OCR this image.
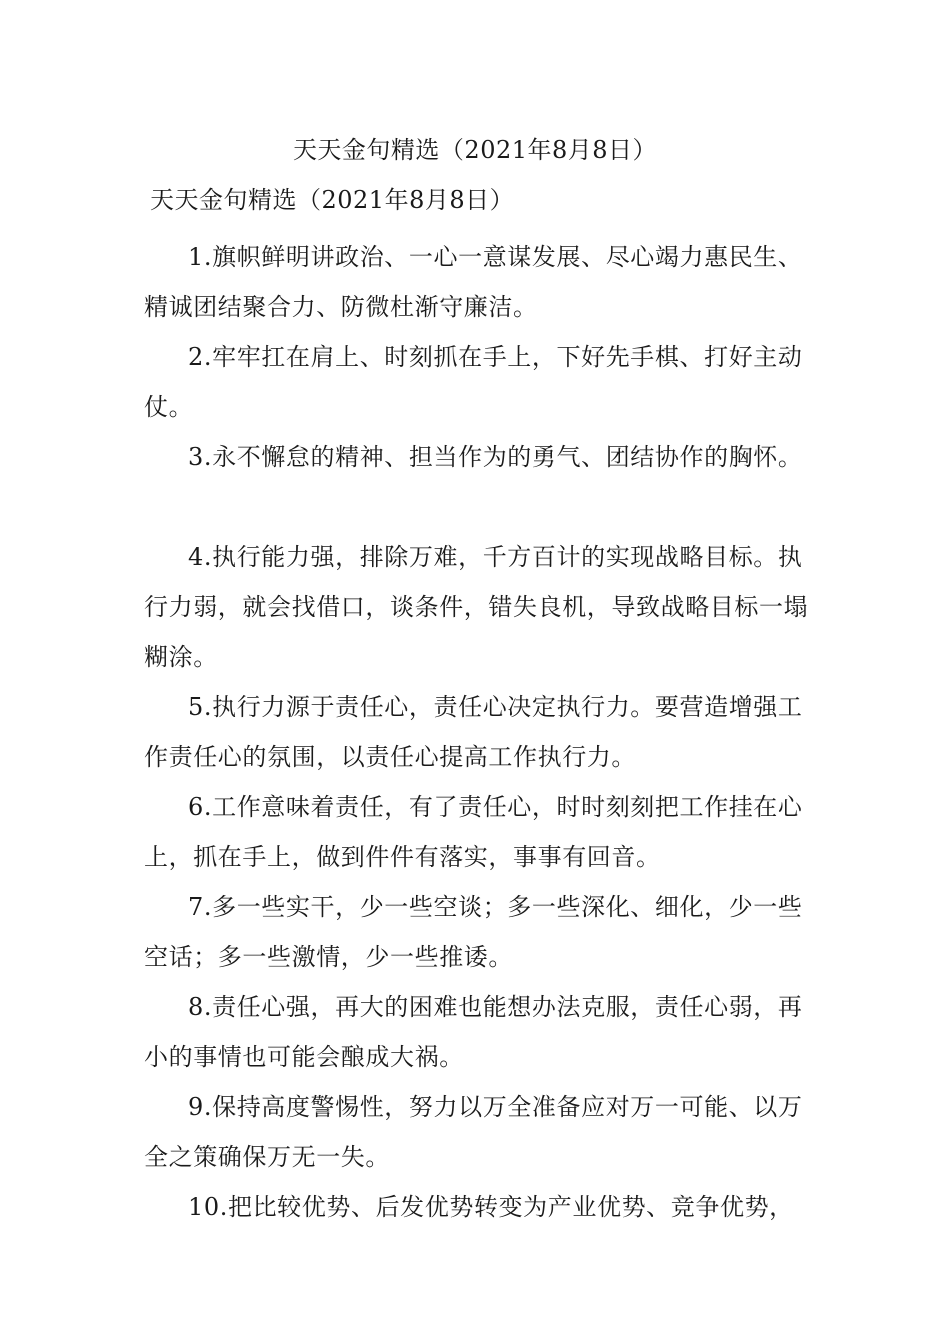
天天金句精选（2021年8月8日）
天天金句精选（2021年8月8日）

1.旗帜鲜明讲政治、一心一意谋发展、尽心竭力惠民生、精诚团结聚合力、防微杜渐守廉洁。

2.牢牢扛在肩上、时刻抓在手上，下好先手棋、打好主动仗。

3.永不懈怠的精神、担当作为的勇气、团结协作的胸怀。

4.执行能力强，排除万难，千方百计的实现战略目标。执行力弱，就会找借口，谈条件，错失良机，导致战略目标一塌糊涂。

5.执行力源于责任心，责任心决定执行力。要营造增强工作责任心的氛围，以责任心提高工作执行力。

6.工作意味着责任，有了责任心，时时刻刻把工作挂在心上，抓在手上，做到件件有落实，事事有回音。

7.多一些实干，少一些空谈；多一些深化、细化，少一些空话；多一些激情，少一些推诿。

8.责任心强，再大的困难也能想办法克服，责任心弱，再小的事情也可能会酿成大祸。

9.保持高度警惕性，努力以万全准备应对万一可能、以万全之策确保万无一失。

10.把比较优势、后发优势转变为产业优势、竞争优势，
